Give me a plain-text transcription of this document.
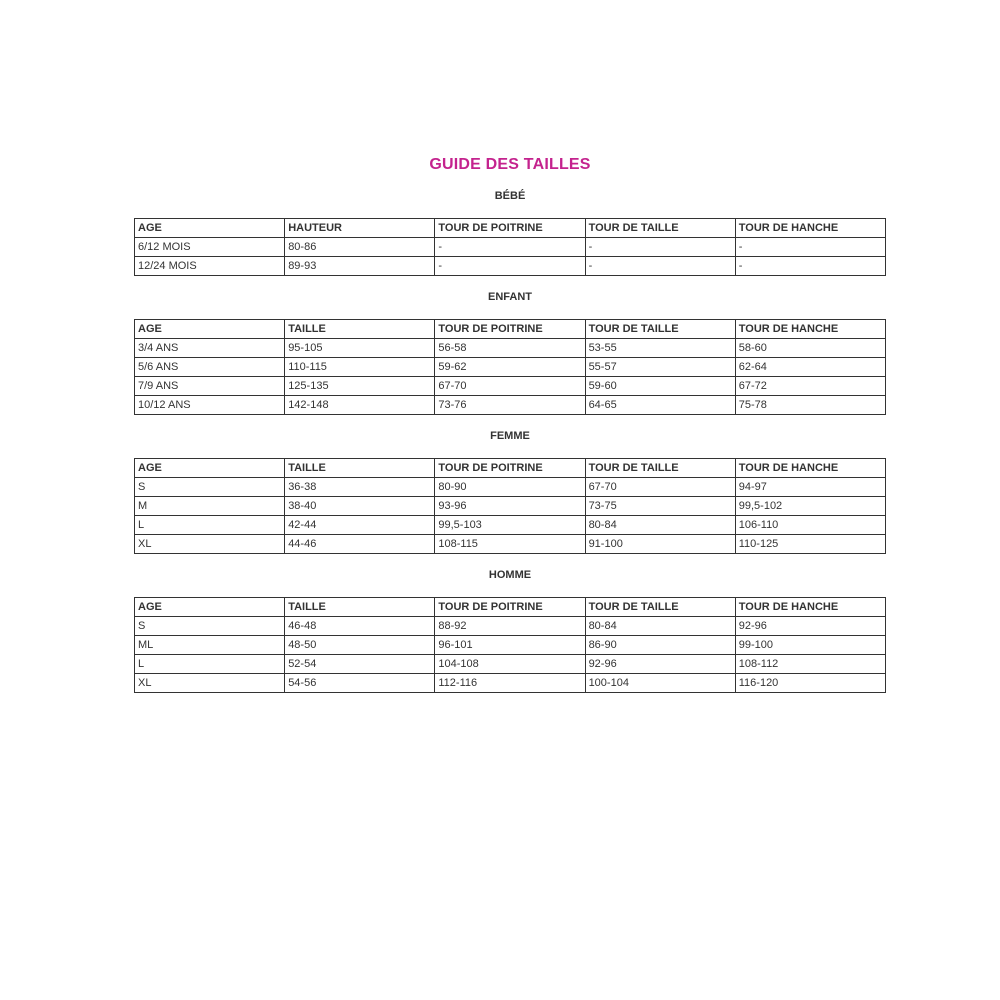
GUIDE DES TAILLES
BÉBÉ
AGE	HAUTEUR	TOUR DE POITRINE	TOUR DE TAILLE	TOUR DE HANCHE
6/12 MOIS	80-86	-	-	-
12/24 MOIS	89-93	-	-	-
ENFANT
AGE	TAILLE	TOUR DE POITRINE	TOUR DE TAILLE	TOUR DE HANCHE
3/4 ANS	95-105	56-58	53-55	58-60
5/6 ANS	110-115	59-62	55-57	62-64
7/9 ANS	125-135	67-70	59-60	67-72
10/12 ANS	142-148	73-76	64-65	75-78
FEMME
AGE	TAILLE	TOUR DE POITRINE	TOUR DE TAILLE	TOUR DE HANCHE
S	36-38	80-90	67-70	94-97
M	38-40	93-96	73-75	99,5-102
L	42-44	99,5-103	80-84	106-110
XL	44-46	108-115	91-100	110-125
HOMME
AGE	TAILLE	TOUR DE POITRINE	TOUR DE TAILLE	TOUR DE HANCHE
S	46-48	88-92	80-84	92-96
ML	48-50	96-101	86-90	99-100
L	52-54	104-108	92-96	108-112
XL	54-56	112-116	100-104	116-120
